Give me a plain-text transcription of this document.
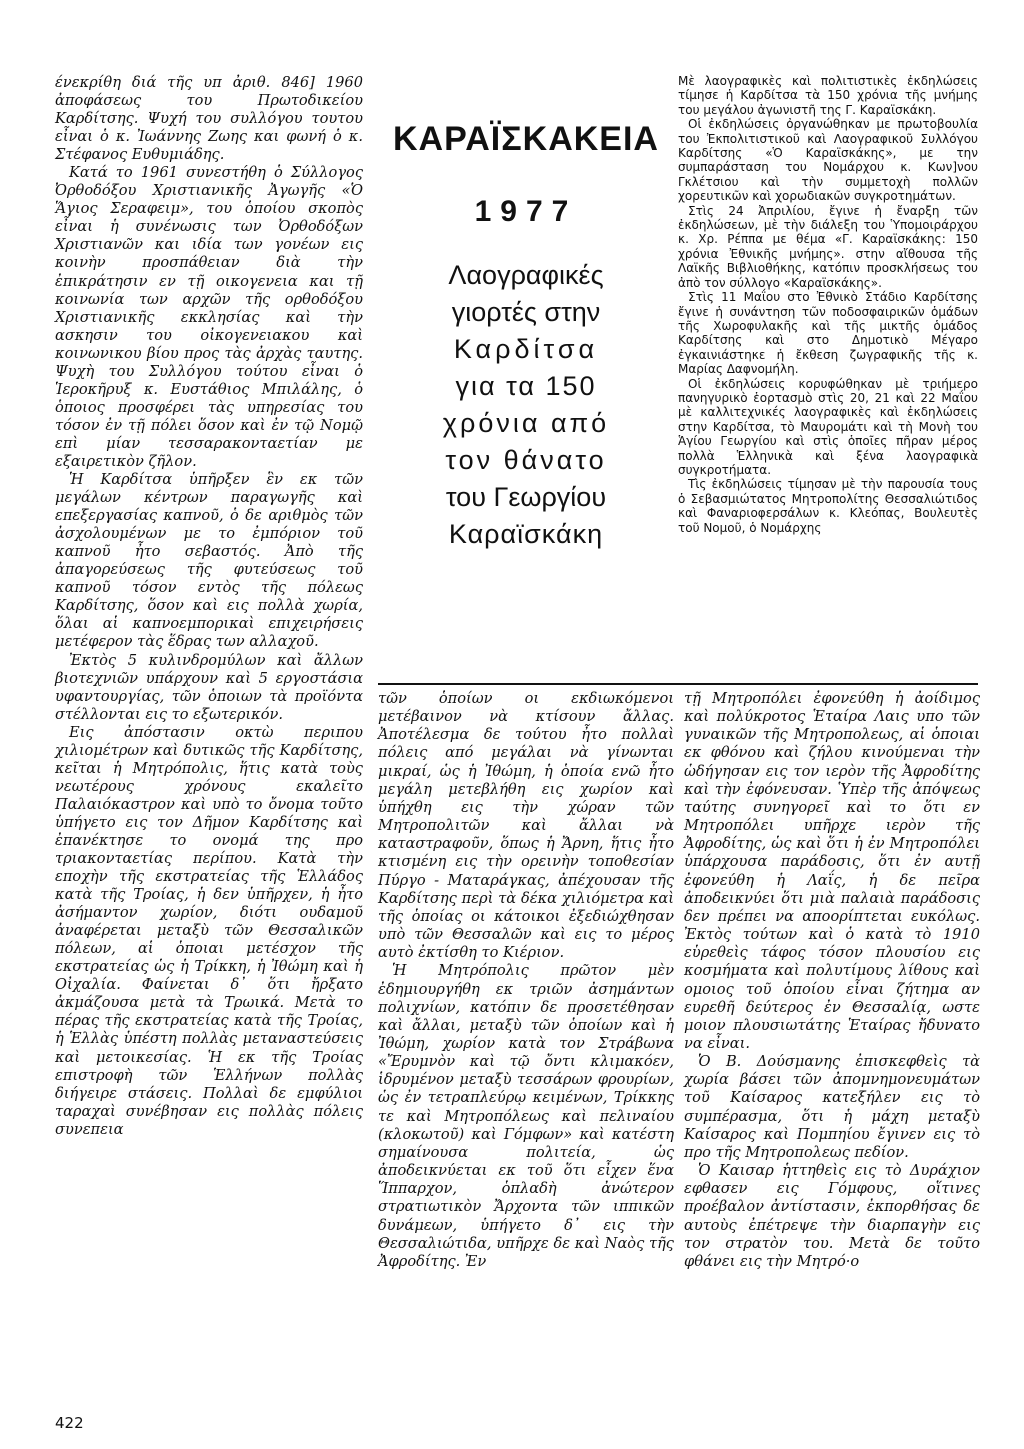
ένεκρίθη διά τῆς υπ ἀριθ. 846] 1960 ἀποφάσεως του Πρωτοδικείου Καρδίτσης. Ψυχή του συλλόγου τουτου εἶναι ὁ κ. Ἰωάννης Ζωης και φωνή ὁ κ. Στέφανος Ευθυμιάδης.

Κατά το 1961 συνεστήθη ὁ Σύλλογος Ὀρθοδόξου Χριστιανικῆς Ἀγωγῆς «Ὁ Ἅγιος Σεραφειμ», του ὁποίου σκοπὸς εἶναι ἡ συνένωσις των Ὀρθοδόξων Χριστιανῶν και ιδία των γονέων εις κοινὴν προσπάθειαν διὰ τὴν ἐπικράτησιν εν τῇ οικογενεια και τῇ κοινωνία των αρχῶν τῆς ορθοδόξου Χριστιανικῆς εκκλησίας καὶ τὴν ασκησιν του οἰκογενειακου καὶ κοινωνικου βίου προς τὰς ἀρχὰς ταυτης. Ψυχὴ του Συλλόγου τούτου εἶναι ὁ Ἱεροκῆρυξ κ. Ευστάθιος Μπιλάλης, ὁ ὁποιος προσφέρει τὰς υπηρεσίας του τόσον ἐν τῇ πόλει ὅσον καὶ ἐν τῷ Νομῷ επὶ μίαν τεσσαρακονταετίαν με εξαιρετικὸν ζῆλον.

Ἡ Καρδίτσα ὑπῆρξεν ἓν εκ τῶν μεγάλων κέντρων παραγωγῆς καὶ επεξεργασίας καπνοῦ, ὁ δε αριθμὸς τῶν ἀσχολουμένων με το ἐμπόριον τοῦ καπνοῦ ἦτο σεβαστός. Ἀπὸ τῆς ἀπαγορεύσεως τῆς φυτεύσεως τοῦ καπνοῦ τόσον εντὸς τῆς πόλεως Καρδίτσης, ὅσον καὶ εις πολλὰ χωρία, ὅλαι αἱ καπνοεμπορικαὶ επιχειρήσεις μετέφερον τὰς ἕδρας των αλλαχοῦ.

Ἐκτὸς 5 κυλινδρομύλων καὶ ἄλλων βιοτεχνιῶν υπάρχουν καὶ 5 εργοστάσια υφαντουργίας, τῶν ὁποιων τὰ προϊόντα στέλλονται εις το εξωτερικόν.

Εις ἀπόστασιν οκτὼ περιπου χιλιομέτρων καὶ δυτικῶς τῆς Καρδίτσης, κεῖται ἡ Μητρόπολις, ἥτις κατὰ τοὺς νεωτέρους χρόνους εκαλεῖτο Παλαιόκαστρον καὶ υπὸ το ὄνομα τοῦτο ὑπήγετο εις τον Δῆμον Καρδίτσης καὶ ἐπανέκτησε το ονομά της προ τριακονταετίας περίπου. Κατὰ τὴν εποχὴν τῆς εκστρατείας τῆς Ἑλλάδος κατὰ τῆς Τροίας, ἡ δεν ὑπῆρχεν, ἡ ἦτο ἀσήμαντον χωρίον, διότι ουδαμοῦ ἀναφέρεται μεταξὺ τῶν Θεσσαλικῶν πόλεων, αἱ ὁποιαι μετέσχον τῆς εκστρατείας ὡς ἡ Τρίκκη, ἡ Ἰθώμη καὶ ἡ Οἰχαλία. Φαίνεται δ᾽ ὅτι ἤρξατο ἀκμάζουσα μετὰ τὰ Τρωικά. Μετὰ το πέρας τῆς εκστρατείας κατὰ τῆς Τροίας, ἡ Ἑλλὰς ὑπέστη πολλὰς μεταναστεύσεις καὶ μετοικεσίας. Ἡ εκ τῆς Τροίας επιστροφὴ τῶν Ἑλλήνων πολλὰς διήγειρε στάσεις. Πολλαὶ δε εμφύλιοι ταραχαὶ συνέβησαν εις πολλὰς πόλεις συνεπεια

ΚΑΡΑΪΣΚΑΚΕΙΑ
1977
Λαογραφικές
γιορτές στην
Καρδίτσα
για τα 150
χρόνια από
τον θάνατο
του Γεωργίου
Καραϊσκάκη

Μὲ λαογραφικὲς καὶ πολιτιστικὲς ἐκδηλώσεις τίμησε ἡ Καρδίτσα τὰ 150 χρόνια τῆς μνήμης του μεγάλου ἀγωνιστῆ της Γ. Καραϊσκάκη.

Οἱ ἐκδηλώσεις ὀργανώθηκαν με πρωτοβουλία του Ἐκπολιτιστικοῦ καὶ Λαογραφικοῦ Συλλόγου Καρδίτσης «Ὁ Καραϊσκάκης», με την συμπαράσταση του Νομάρχου κ. Κων]νου Γκλέτσιου καὶ τὴν συμμετοχὴ πολλῶν χορευτικῶν καὶ χορωδιακῶν συγκροτημάτων.

Στὶς 24 Ἀπριλίου, ἔγινε ἡ ἔναρξη τῶν ἐκδηλώσεων, μὲ τὴν διάλεξη του Ὑπομοιράρχου κ. Χρ. Ρέππα με θέμα «Γ. Καραϊσκάκης: 150 χρόνια Ἐθνικῆς μνήμης». στην αἴθουσα τῆς Λαϊκῆς Βιβλιοθήκης, κατόπιν προσκλήσεως του ἀπὸ τον σύλλογο «Καραϊσκάκης».

Στὶς 11 Μαΐου στο Ἐθνικὸ Στάδιο Καρδίτσης ἔγινε ἡ συνάντηση τῶν ποδοσφαιρικῶν ὁμάδων τῆς Χωροφυλακῆς καὶ τῆς μικτῆς ὁμάδος Καρδίτσης καὶ στο Δημοτικὸ Μέγαρο ἐγκαινιάστηκε ἡ ἔκθεση ζωγραφικῆς τῆς κ. Μαρίας Δαφνομήλη.

Οἱ ἐκδηλώσεις κορυφώθηκαν μὲ τριήμερο πανηγυρικὸ ἑορτασμὸ στὶς 20, 21 καὶ 22 Μαΐου μὲ καλλιτεχνικές λαογραφικὲς καὶ ἐκδηλώσεις στην Καρδίτσα, τὸ Μαυρομάτι καὶ τὴ Μονὴ του Ἁγίου Γεωργίου καὶ στὶς ὁποῖες πῆραν μέρος πολλὰ Ἑλληνικὰ καὶ ξένα λαογραφικὰ συγκροτήματα.

Τὶς ἐκδηλώσεις τίμησαν μὲ τὴν παρουσία τους ὁ Σεβασμιώτατος Μητροπολίτης Θεσσαλιώτιδος καὶ Φαναριοφερσάλων κ. Κλεόπας, Βουλευτὲς τοῦ Νομοῦ, ὁ Νομάρχης

τῶν ὁποίων οι εκδιωκόμενοι μετέβαινον νὰ κτίσουν ἄλλας. Ἀποτέλεσμα δε τούτου ἦτο πολλαὶ πόλεις από μεγάλαι νὰ γίνωνται μικραί, ὡς ἡ Ἰθώμη, ἡ ὁποία ενῶ ἦτο μεγάλη μετεβλήθη εις χωρίον καὶ ὑπήχθη εις τὴν χώραν τῶν Μητροπολιτῶν καὶ ἄλλαι νὰ καταστραφοῦν, ὅπως ἡ Ἄρνη, ἥτις ἦτο κτισμένη εις τὴν ορεινὴν τοποθεσίαν Πύργο - Ματαράγκας, ἀπέχουσαν τῆς Καρδίτσης περὶ τὰ δέκα χιλιόμετρα καὶ τῆς ὁποίας οι κάτοικοι ἐξεδιώχθησαν υπὸ τῶν Θεσσαλῶν καὶ εις το μέρος αυτὸ ἐκτίσθη το Κιέριον.

Ἡ Μητρόπολις πρῶτον μὲν ἐδημιουργήθη εκ τριῶν ἀσημάντων πολιχνίων, κατόπιν δε προσετέθησαν καὶ ἄλλαι, μεταξὺ τῶν ὁποίων καὶ ἡ Ἰθώμη, χωρίον κατὰ τον Στράβωνα «Ἔρυμνὸν καὶ τῷ ὄντι κλιμακόεν, ἱδρυμένον μεταξὺ τεσσάρων φρουρίων, ὡς ἐν τετραπλεύρῳ κειμένων, Τρίκκης τε καὶ Μητροπόλεως καὶ πελιναίου (κλοκωτοῦ) καὶ Γόμφων» καὶ κατέστη σημαίνουσα πολιτεία, ὡς ἀποδεικνύεται εκ τοῦ ὅτι εἶχεν ἕνα Ἵππαρχον, ὁπλαδὴ ἀνώτερον στρατιωτικὸν Ἄρχοντα τῶν ιππικῶν δυνάμεων, ὑπήγετο δ᾽ εις τὴν Θεσσαλιώτιδα, υπῆρχε δε καὶ Ναὸς τῆς Ἀφροδίτης. Ἐν

τῇ Μητροπόλει ἐφονεύθη ἡ ἀοίδιμος καὶ πολύκροτος Ἑταίρα Λαις υπο τῶν γυναικῶν τῆς Μητροπολεως, αἱ ὁποιαι εκ φθόνου καὶ ζήλου κινούμεναι τὴν ὡδήγησαν εις τον ιερὸν τῆς Ἀφροδίτης καὶ τὴν ἐφόνευσαν. Ὑπὲρ τῆς ἀπόψεως ταύτης συνηγορεῖ καὶ το ὅτι εν Μητροπόλει υπῆρχε ιερὸν τῆς Ἀφροδίτης, ὡς καὶ ὅτι ἡ ἐν Μητροπόλει ὑπάρχουσα παράδοσις, ὅτι ἐν αυτῇ ἐφονεύθη ἡ Λαΐς, ἡ δε πεῖρα ἀποδεικνύει ὅτι μιὰ παλαιὰ παράδοσις δεν πρέπει να αποορίπτεται ευκόλως. Ἐκτὸς τούτων καὶ ὁ κατὰ τὸ 1910 εὑρεθεὶς τάφος τόσον πλουσίου εις κοσμήματα καὶ πολυτίμους λίθους καὶ ομοιος τοῦ ὁποίου εἶναι ζήτημα αν ευρεθῆ δεύτερος ἐν Θεσσαλίᾳ, ωστε μοιον πλουσιωτάτης Ἑταίρας ἤδυνατο να εἶναι.

Ὁ Β. Δούσμανης ἐπισκεφθεὶς τὰ χωρία βάσει τῶν ἀπομνημονευμάτων τοῦ Καίσαρος κατεξήλεν εις τὸ συμπέρασμα, ὅτι ἡ μάχη μεταξὺ Καίσαρος καὶ Πομπηίου ἔγινεν εις τὸ προ τῆς Μητροπολεως πεδίον.

Ὁ Καισαρ ἡττηθεὶς εις τὸ Δυράχιον εφθασεν εις Γόμφους, οἵτινες προέβαλον ἀντίστασιν, ἐκπορθήσας δε αυτοὺς ἐπέτρεψε τὴν διαρπαγὴν εις τον στρατὸν του. Μετὰ δε τοῦτο φθάνει εις τὴν Μητρό·ο

422
